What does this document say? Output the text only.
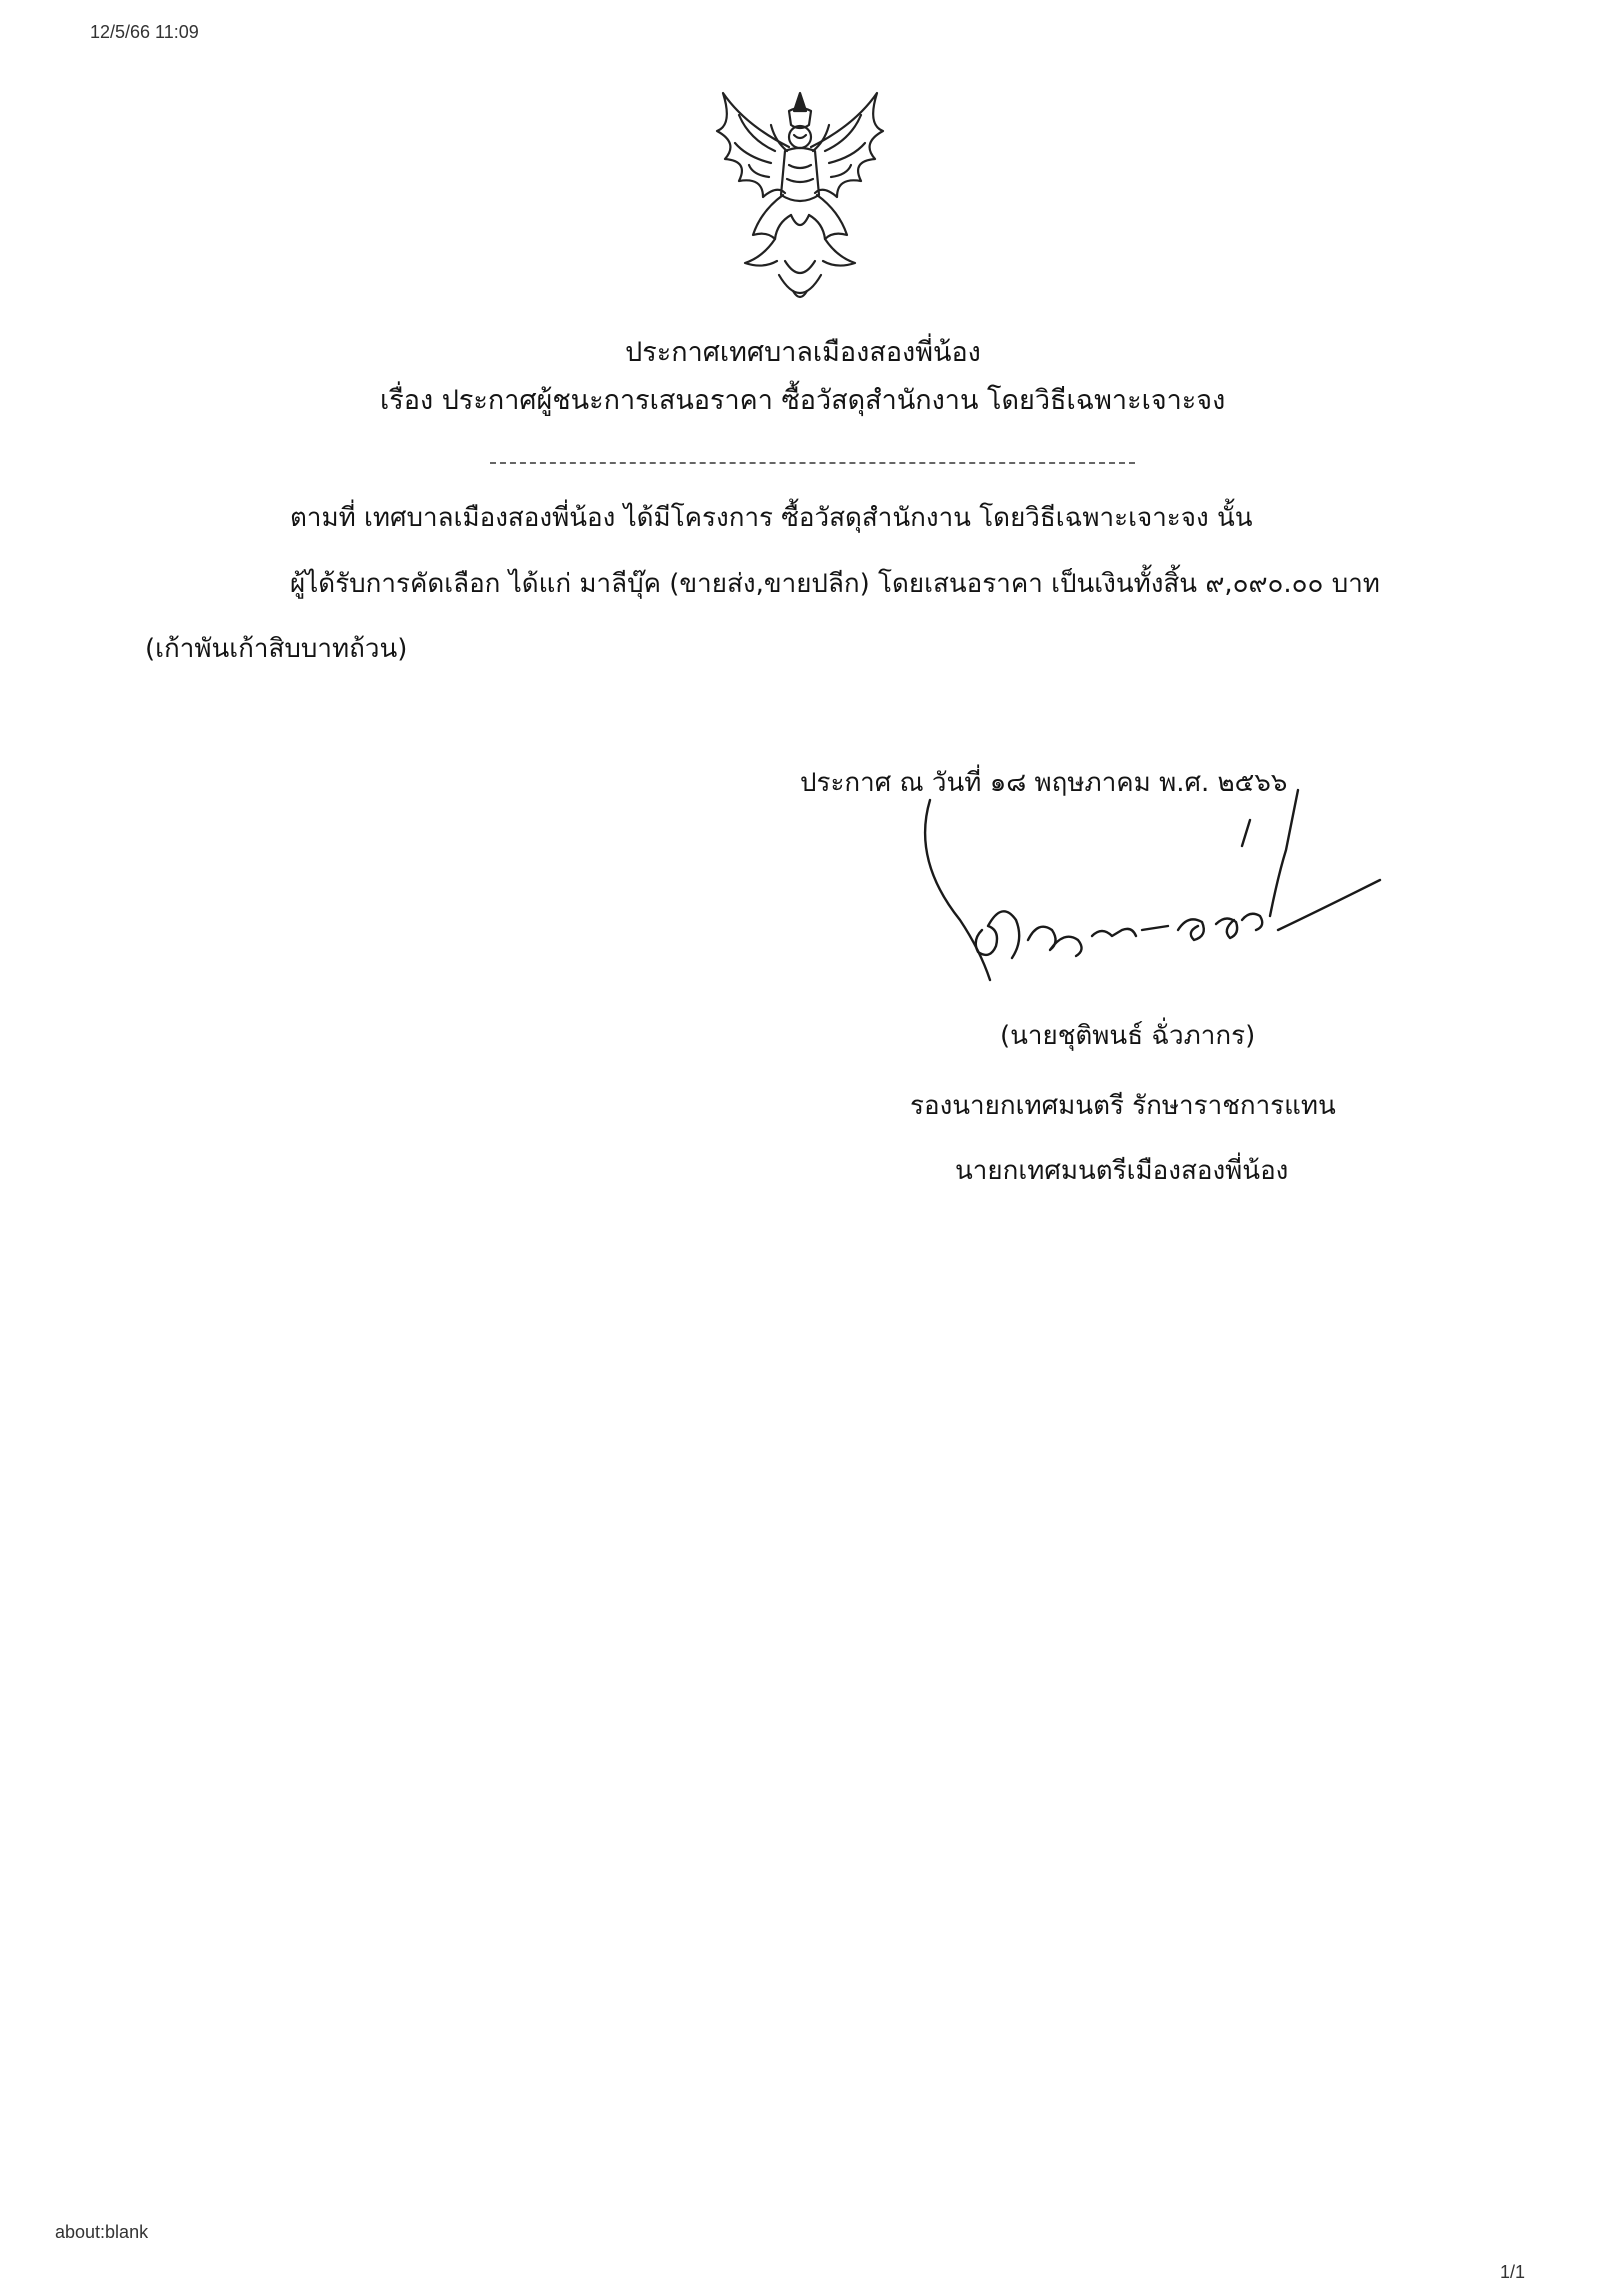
12/5/66 11:09
about:blank
1/1
ประกาศเทศบาลเมืองสองพี่น้อง
เรื่อง ประกาศผู้ชนะการเสนอราคา ซื้อวัสดุสำนักงาน โดยวิธีเฉพาะเจาะจง
ตามที่ เทศบาลเมืองสองพี่น้อง ได้มีโครงการ ซื้อวัสดุสำนักงาน โดยวิธีเฉพาะเจาะจง นั้น
ผู้ได้รับการคัดเลือก ได้แก่ มาลีบุ๊ค (ขายส่ง,ขายปลีก) โดยเสนอราคา เป็นเงินทั้งสิ้น ๙,๐๙๐.๐๐ บาท
(เก้าพันเก้าสิบบาทถ้วน)
ประกาศ ณ วันที่ ๑๘ พฤษภาคม พ.ศ. ๒๕๖๖
(นายชุติพนธ์ ฉั่วภากร)
รองนายกเทศมนตรี รักษาราชการแทน
นายกเทศมนตรีเมืองสองพี่น้อง
